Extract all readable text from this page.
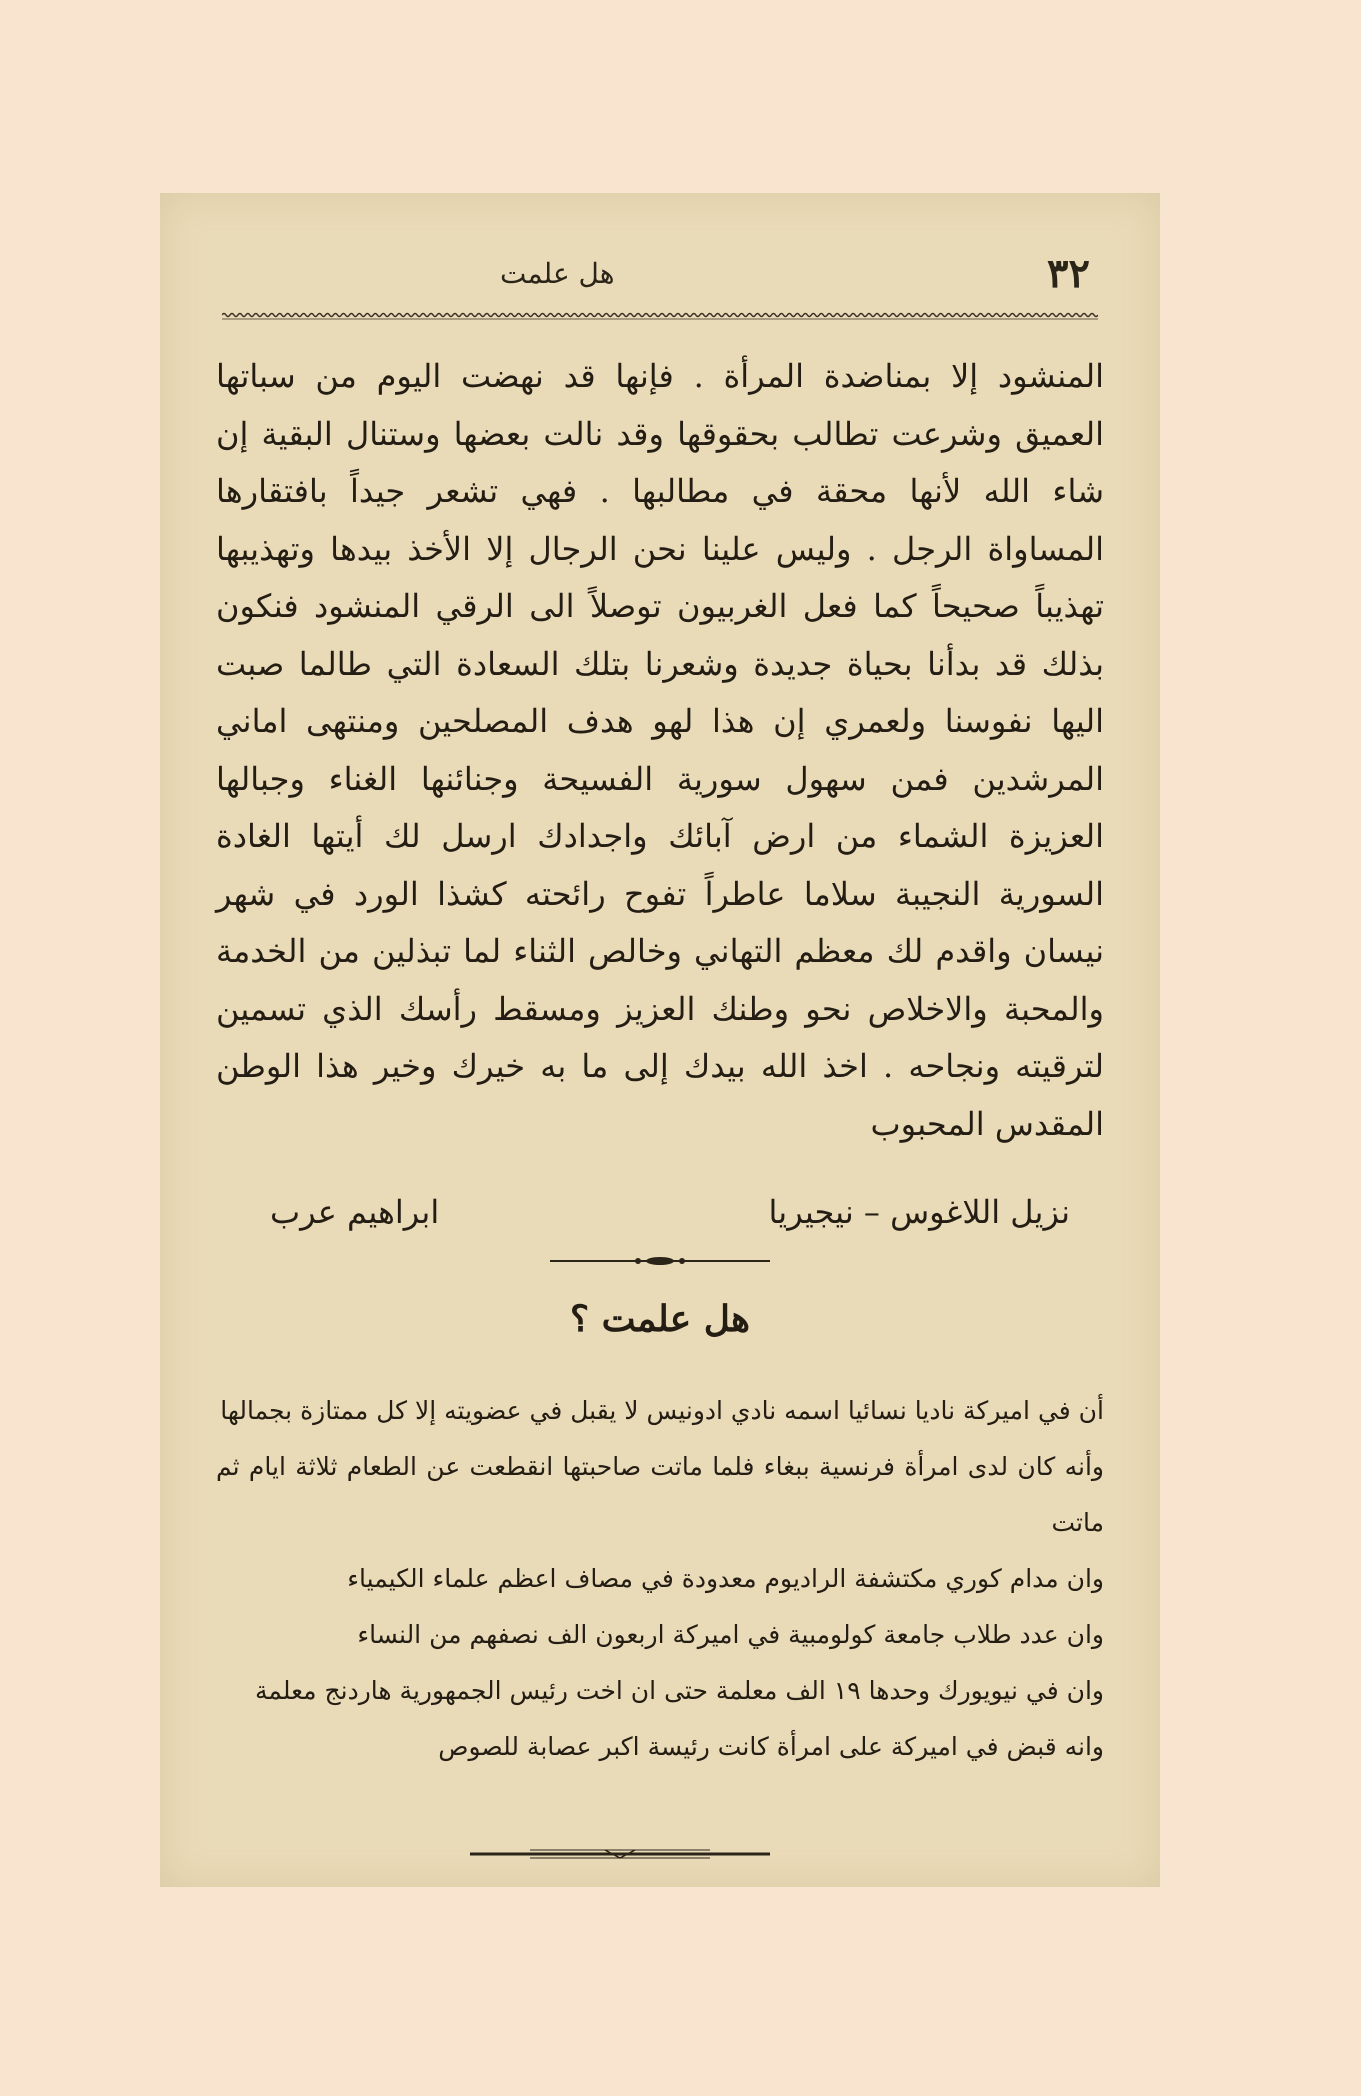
٣٢
هل علمت

المنشود إلا بمناضدة المرأة . فإنها قد نهضت اليوم من سباتها العميق وشرعت تطالب بحقوقها وقد نالت بعضها وستنال البقية إن شاء الله لأنها محقة في مطالبها . فهي تشعر جيداً بافتقارها المساواة الرجل . وليس علينا نحن الرجال إلا الأخذ بيدها وتهذيبها تهذيباً صحيحاً كما فعل الغربيون توصلاً الى الرقي المنشود فنكون بذلك قد بدأنا بحياة جديدة وشعرنا بتلك السعادة التي طالما صبت اليها نفوسنا ولعمري إن هذا لهو هدف المصلحين ومنتهى اماني المرشدين فمن سهول سورية الفسيحة وجنائنها الغناء وجبالها العزيزة الشماء من ارض آبائك واجدادك ارسل لك أيتها الغادة السورية النجيبة سلاما عاطراً تفوح رائحته كشذا الورد في شهر نيسان واقدم لك معظم التهاني وخالص الثناء لما تبذلين من الخدمة والمحبة والاخلاص نحو وطنك العزيز ومسقط رأسك الذي تسمين لترقيته ونجاحه . اخذ الله بيدك إلى ما به خيرك وخير هذا الوطن المقدس المحبوب

نزيل اللاغوس – نيجيريا
ابراهيم عرب
هل علمت ؟

أن في اميركة ناديا نسائيا اسمه نادي ادونيس لا يقبل في عضويته إلا كل ممتازة بجمالها

وأنه كان لدى امرأة فرنسية ببغاء فلما ماتت صاحبتها انقطعت عن الطعام ثلاثة ايام ثم ماتت

وان مدام كوري مكتشفة الراديوم معدودة في مصاف اعظم علماء الكيمياء

وان عدد طلاب جامعة كولومبية في اميركة اربعون الف نصفهم من النساء

وان في نيويورك وحدها ١٩ الف معلمة حتى ان اخت رئيس الجمهورية هاردنج معلمة

وانه قبض في اميركة على امرأة كانت رئيسة اكبر عصابة للصوص
